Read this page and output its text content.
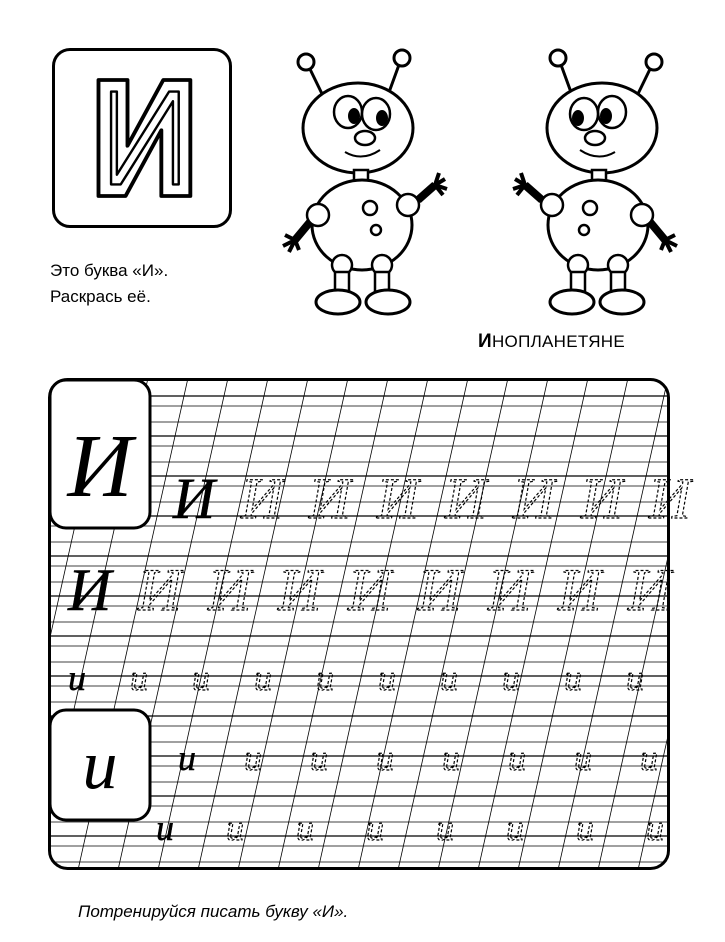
Это буква «И».
Раскрась её.
ИНОПЛАНЕТЯНЕ
И
и
И И И И И И И И
И И И И И И И И И
и и и и и и и и и и
и и и и и и и и
и и и и и и и и
Потренируйся писать букву «И».
